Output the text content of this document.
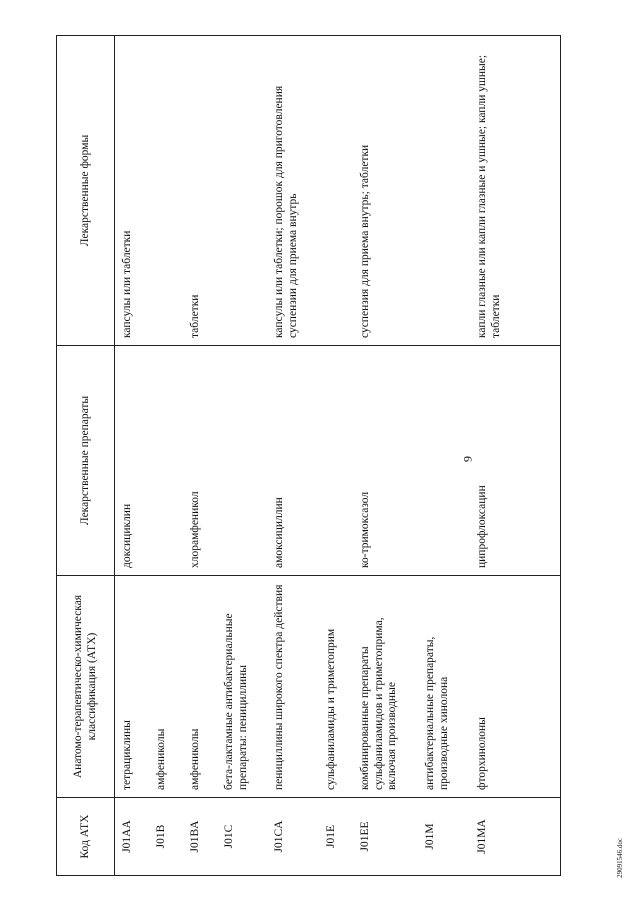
9
29091546.doc
Код АТХ	Анатомо-терапевтическо-химическая классификация (АТХ)	Лекарственные препараты	Лекарственные формы
J01AA	тетрациклины	доксициклин	капсулы или таблетки
J01B	амфениколы		
J01BA	амфениколы	хлорамфеникол	таблетки
J01C	бета-лактамные антибактериальные препараты: пенициллины		
J01CA	пенициллины широкого спектра действия	амоксициллин	капсулы или таблетки; порошок для приготовления суспензии для приема внутрь
J01E	сульфаниламиды и триметоприм		
J01EE	комбинированные препараты сульфаниламидов и триметоприма, включая производные	ко-тримоксазол	суспензия для приема внутрь; таблетки
J01M	антибактериальные препараты, производные хинолона		
J01MA	фторхинолоны	ципрофлоксацин	капли глазные или капли глазные и ушные; капли ушные; таблетки
